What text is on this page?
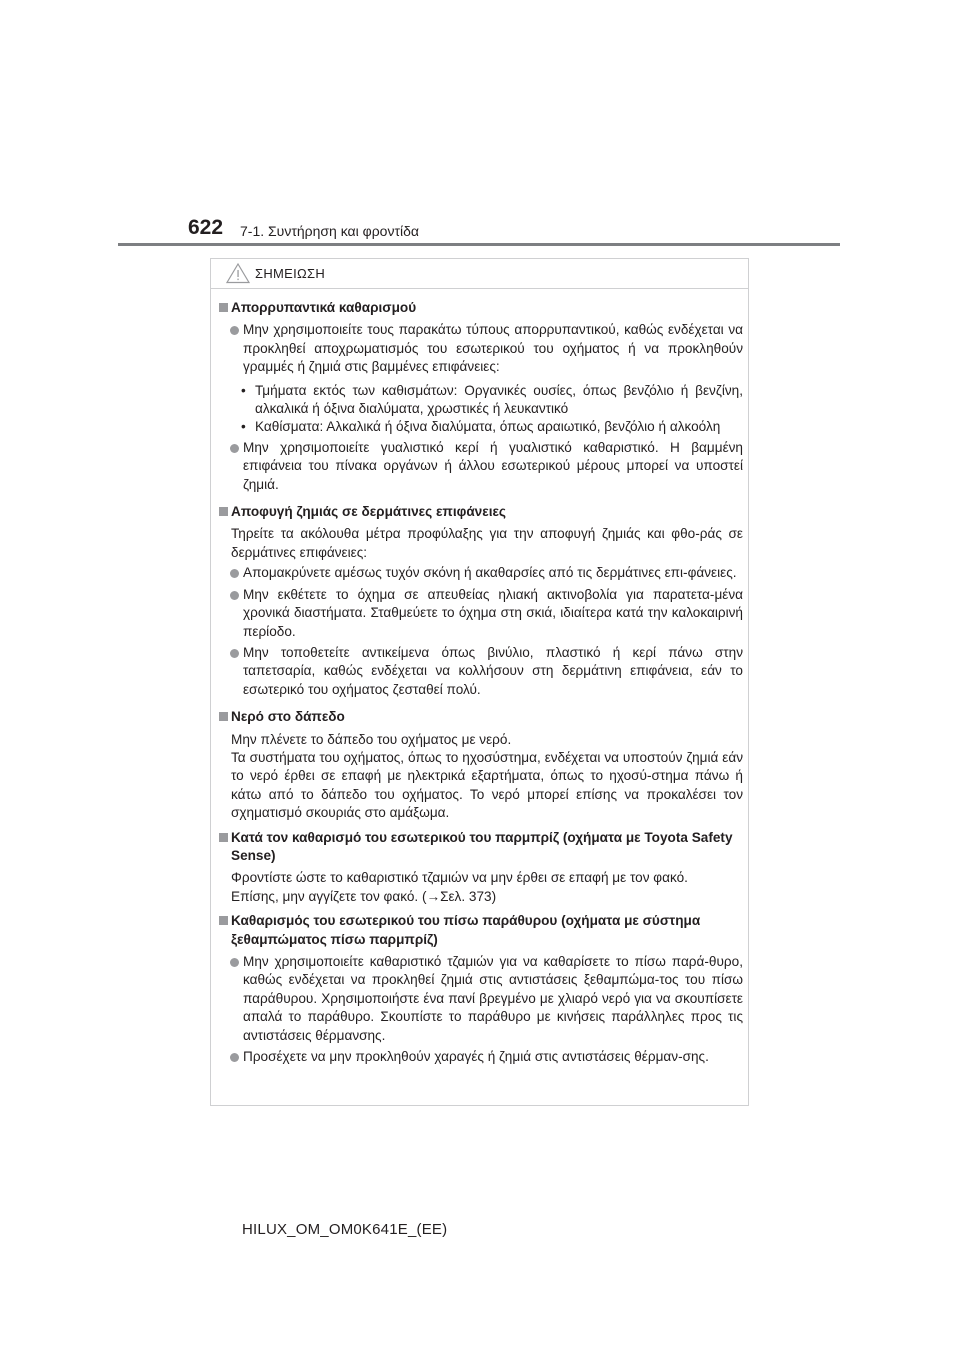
622 7-1. Συντήρηση και φροντίδα
ΣΗΜΕΙΩΣΗ
Απορρυπαντικά καθαρισμού
Μην χρησιμοποιείτε τους παρακάτω τύπους απορρυπαντικού, καθώς ενδέχεται να προκληθεί αποχρωματισμός του εσωτερικού του οχήματος ή να προκληθούν γραμμές ή ζημιά στις βαμμένες επιφάνειες:
• Τμήματα εκτός των καθισμάτων: Οργανικές ουσίες, όπως βενζόλιο ή βενζίνη, αλκαλικά ή όξινα διαλύματα, χρωστικές ή λευκαντικό
• Καθίσματα: Αλκαλικά ή όξινα διαλύματα, όπως αραιωτικό, βενζόλιο ή αλκοόλη
Μην χρησιμοποιείτε γυαλιστικό κερί ή γυαλιστικό καθαριστικό. Η βαμμένη επιφάνεια του πίνακα οργάνων ή άλλου εσωτερικού μέρους μπορεί να υποστεί ζημιά.
Αποφυγή ζημιάς σε δερμάτινες επιφάνειες
Τηρείτε τα ακόλουθα μέτρα προφύλαξης για την αποφυγή ζημιάς και φθο-ράς σε δερμάτινες επιφάνειες:
Απομακρύνετε αμέσως τυχόν σκόνη ή ακαθαρσίες από τις δερμάτινες επι-φάνειες.
Μην εκθέτετε το όχημα σε απευθείας ηλιακή ακτινοβολία για παρατετα-μένα χρονικά διαστήματα. Σταθμεύετε το όχημα στη σκιά, ιδιαίτερα κατά την καλοκαιρινή περίοδο.
Μην τοποθετείτε αντικείμενα όπως βινύλιο, πλαστικό ή κερί πάνω στην ταπετσαρία, καθώς ενδέχεται να κολλήσουν στη δερμάτινη επιφάνεια, εάν το εσωτερικό του οχήματος ζεσταθεί πολύ.
Νερό στο δάπεδο
Μην πλένετε το δάπεδο του οχήματος με νερό.
Τα συστήματα του οχήματος, όπως το ηχοσύστημα, ενδέχεται να υποστούν ζημιά εάν το νερό έρθει σε επαφή με ηλεκτρικά εξαρτήματα, όπως το ηχοσύ-στημα πάνω ή κάτω από το δάπεδο του οχήματος. Το νερό μπορεί επίσης να προκαλέσει τον σχηματισμό σκουριάς στο αμάξωμα.
Κατά τον καθαρισμό του εσωτερικού του παρμπρίζ (οχήματα με Toyota Safety Sense)
Φροντίστε ώστε το καθαριστικό τζαμιών να μην έρθει σε επαφή με τον φακό.
Επίσης, μην αγγίζετε τον φακό. (→Σελ. 373)
Καθαρισμός του εσωτερικού του πίσω παράθυρου (οχήματα με σύστημα ξεθαμπώματος πίσω παρμπρίζ)
Μην χρησιμοποιείτε καθαριστικό τζαμιών για να καθαρίσετε το πίσω παρά-θυρο, καθώς ενδέχεται να προκληθεί ζημιά στις αντιστάσεις ξεθαμπώμα-τος του πίσω παράθυρου. Χρησιμοποιήστε ένα πανί βρεγμένο με χλιαρό νερό για να σκουπίσετε απαλά το παράθυρο. Σκουπίστε το παράθυρο με κινήσεις παράλληλες προς τις αντιστάσεις θέρμανσης.
Προσέχετε να μην προκληθούν χαραγές ή ζημιά στις αντιστάσεις θέρμαν-σης.
HILUX_OM_OM0K641E_(EE)
